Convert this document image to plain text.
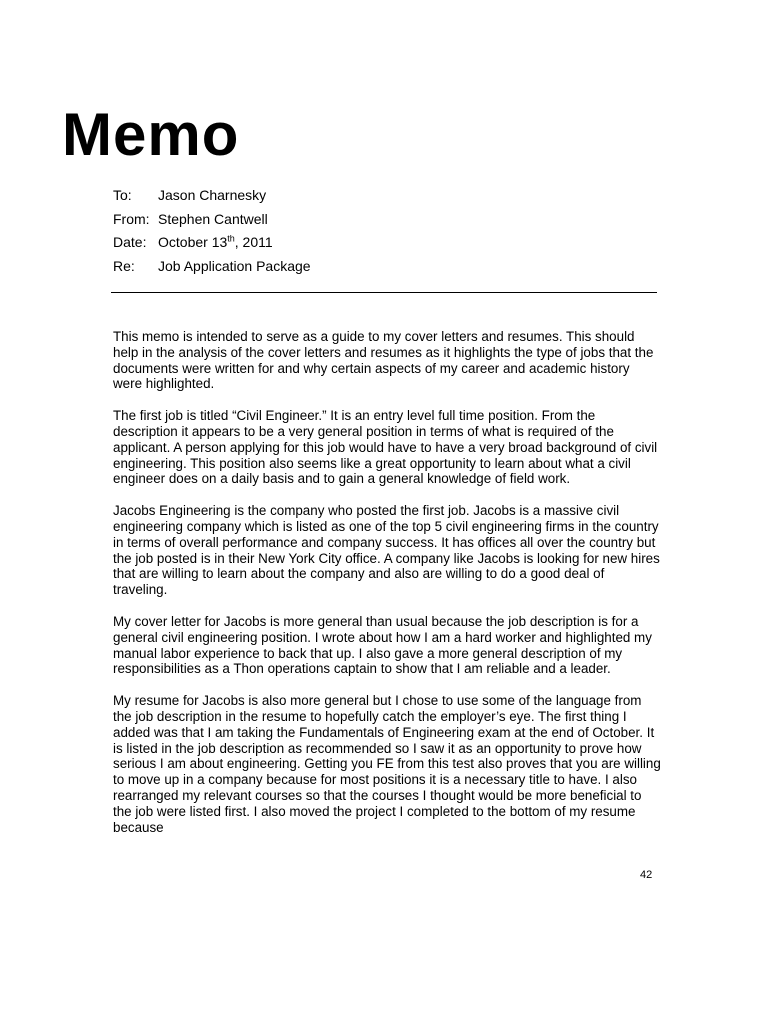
Memo
To:	Jason Charnesky
From: Stephen Cantwell
Date: October 13th, 2011
Re:	Job Application Package

This memo is intended to serve as a guide to my cover letters and resumes. This should help in the analysis of the cover letters and resumes as it highlights the type of jobs that the documents were written for and why certain aspects of my career and academic history were highlighted.

The first job is titled “Civil Engineer.” It is an entry level full time position. From the description it appears to be a very general position in terms of what is required of the applicant. A person applying for this job would have to have a very broad background of civil engineering. This position also seems like a great opportunity to learn about what a civil engineer does on a daily basis and to gain a general knowledge of field work.

Jacobs Engineering is the company who posted the first job. Jacobs is a massive civil engineering company which is listed as one of the top 5 civil engineering firms in the country in terms of overall performance and company success. It has offices all over the country but the job posted is in their New York City office. A company like Jacobs is looking for new hires that are willing to learn about the company and also are willing to do a good deal of traveling.

My cover letter for Jacobs is more general than usual because the job description is for a general civil engineering position. I wrote about how I am a hard worker and highlighted my manual labor experience to back that up. I also gave a more general description of my responsibilities as a Thon operations captain to show that I am reliable and a leader.

My resume for Jacobs is also more general but I chose to use some of the language from the job description in the resume to hopefully catch the employer’s eye. The first thing I added was that I am taking the Fundamentals of Engineering exam at the end of October. It is listed in the job description as recommended so I saw it as an opportunity to prove how serious I am about engineering. Getting you FE from this test also proves that you are willing to move up in a company because for most positions it is a necessary title to have. I also rearranged my relevant courses so that the courses I thought would be more beneficial to the job were listed first. I also moved the project I completed to the bottom of my resume because

42
